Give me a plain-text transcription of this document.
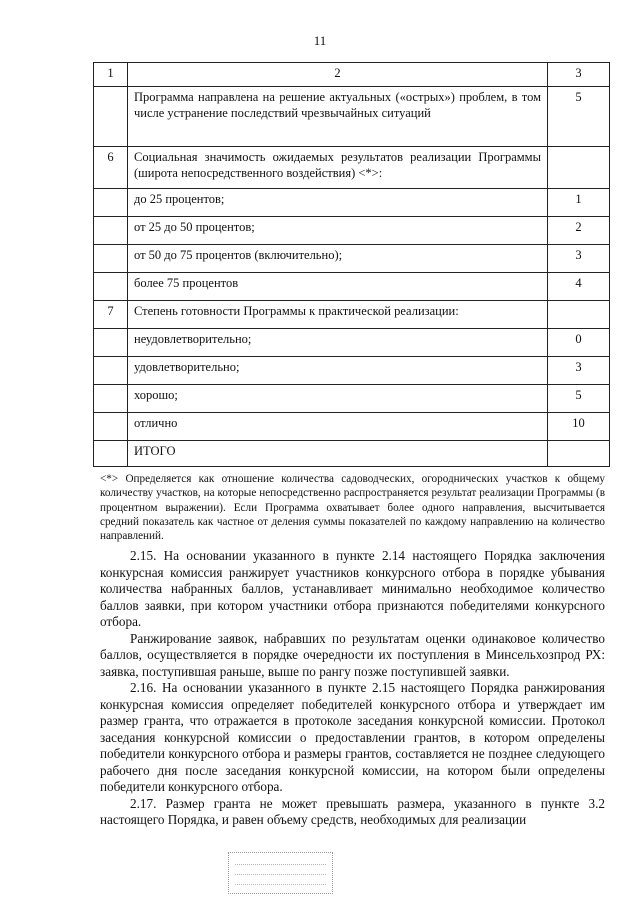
11
1	2	3
	Программа направлена на решение актуальных («острых») проблем, в том числе устранение последствий чрезвычайных ситуаций	5
6	Социальная значимость ожидаемых результатов реализации Программы (широта непосредственного воздействия) <*>:	
	до 25 процентов;	1
	от 25 до 50 процентов;	2
	от 50 до 75 процентов (включительно);	3
	более 75 процентов	4
7	Степень готовности Программы к практической реализации:	
	неудовлетворительно;	0
	удовлетворительно;	3
	хорошо;	5
	отлично	10
	ИТОГО	
<*> Определяется как отношение количества садоводческих, огороднических участков к общему количеству участков, на которые непосредственно распространяется результат реализации Программы (в процентном выражении). Если Программа охватывает более одного направления, высчитывается средний показатель как частное от деления суммы показателей по каждому направлению на количество направлений.

2.15. На основании указанного в пункте 2.14 настоящего Порядка заключения конкурсная комиссия ранжирует участников конкурсного отбора в порядке убывания количества набранных баллов, устанавливает минимально необходимое количество баллов заявки, при котором участники отбора признаются победителями конкурсного отбора.

Ранжирование заявок, набравших по результатам оценки одинаковое количество баллов, осуществляется в порядке очередности их поступления в Минсельхозпрод РХ: заявка, поступившая раньше, выше по рангу позже поступившей заявки.

2.16. На основании указанного в пункте 2.15 настоящего Порядка ранжирования конкурсная комиссия определяет победителей конкурсного отбора и утверждает им размер гранта, что отражается в протоколе заседания конкурсной комиссии. Протокол заседания конкурсной комиссии о предоставлении грантов, в котором определены победители конкурсного отбора и размеры грантов, составляется не позднее следующего рабочего дня после заседания конкурсной комиссии, на котором были определены победители конкурсного отбора.

2.17. Размер гранта не может превышать размера, указанного в пункте 3.2 настоящего Порядка, и равен объему средств, необходимых для реализации
